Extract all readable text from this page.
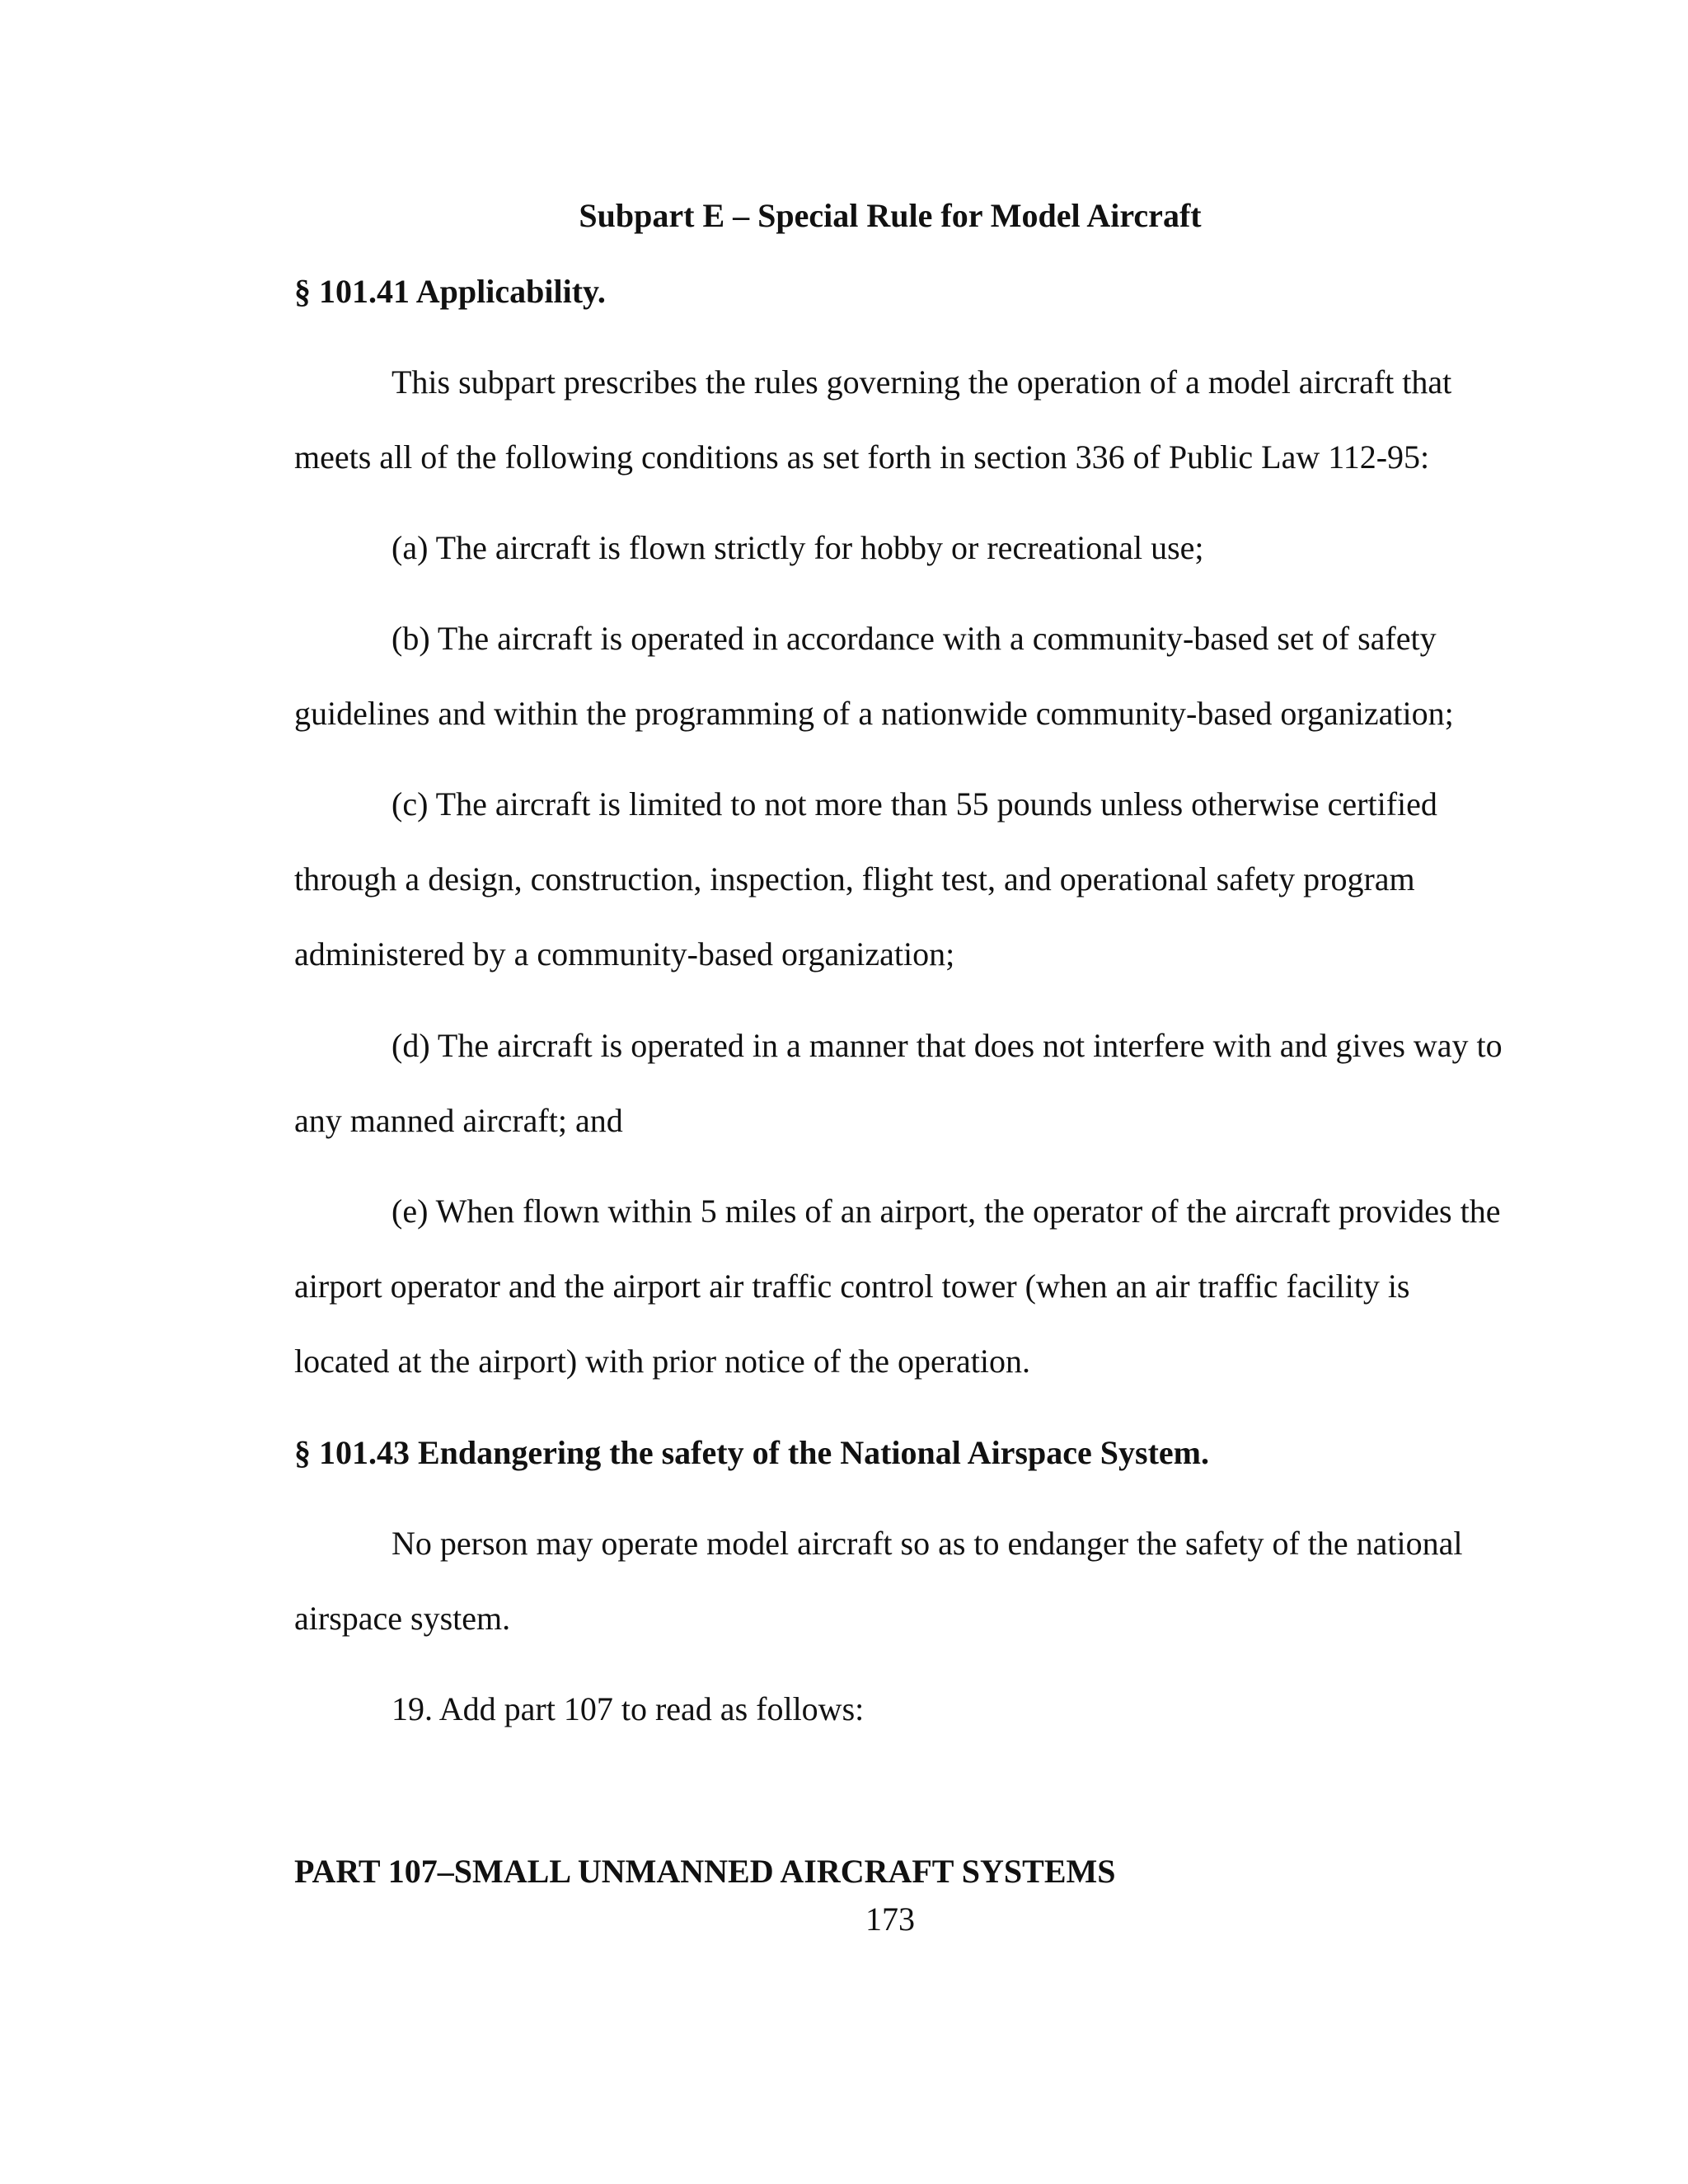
Subpart E – Special Rule for Model Aircraft

§ 101.41 Applicability.

This subpart prescribes the rules governing the operation of a model aircraft that

meets all of the following conditions as set forth in section 336 of Public Law 112-95:

(a) The aircraft is flown strictly for hobby or recreational use;

(b) The aircraft is operated in accordance with a community-based set of safety

guidelines and within the programming of a nationwide community-based organization;

(c) The aircraft is limited to not more than 55 pounds unless otherwise certified

through a design, construction, inspection, flight test, and operational safety program

administered by a community-based organization;

(d) The aircraft is operated in a manner that does not interfere with and gives way to

any manned aircraft; and

(e) When flown within 5 miles of an airport, the operator of the aircraft provides the

airport operator and the airport air traffic control tower (when an air traffic facility is

located at the airport) with prior notice of the operation.

§ 101.43 Endangering the safety of the National Airspace System.

No person may operate model aircraft so as to endanger the safety of the national

airspace system.

19. Add part 107 to read as follows:

PART 107–SMALL UNMANNED AIRCRAFT SYSTEMS

173
